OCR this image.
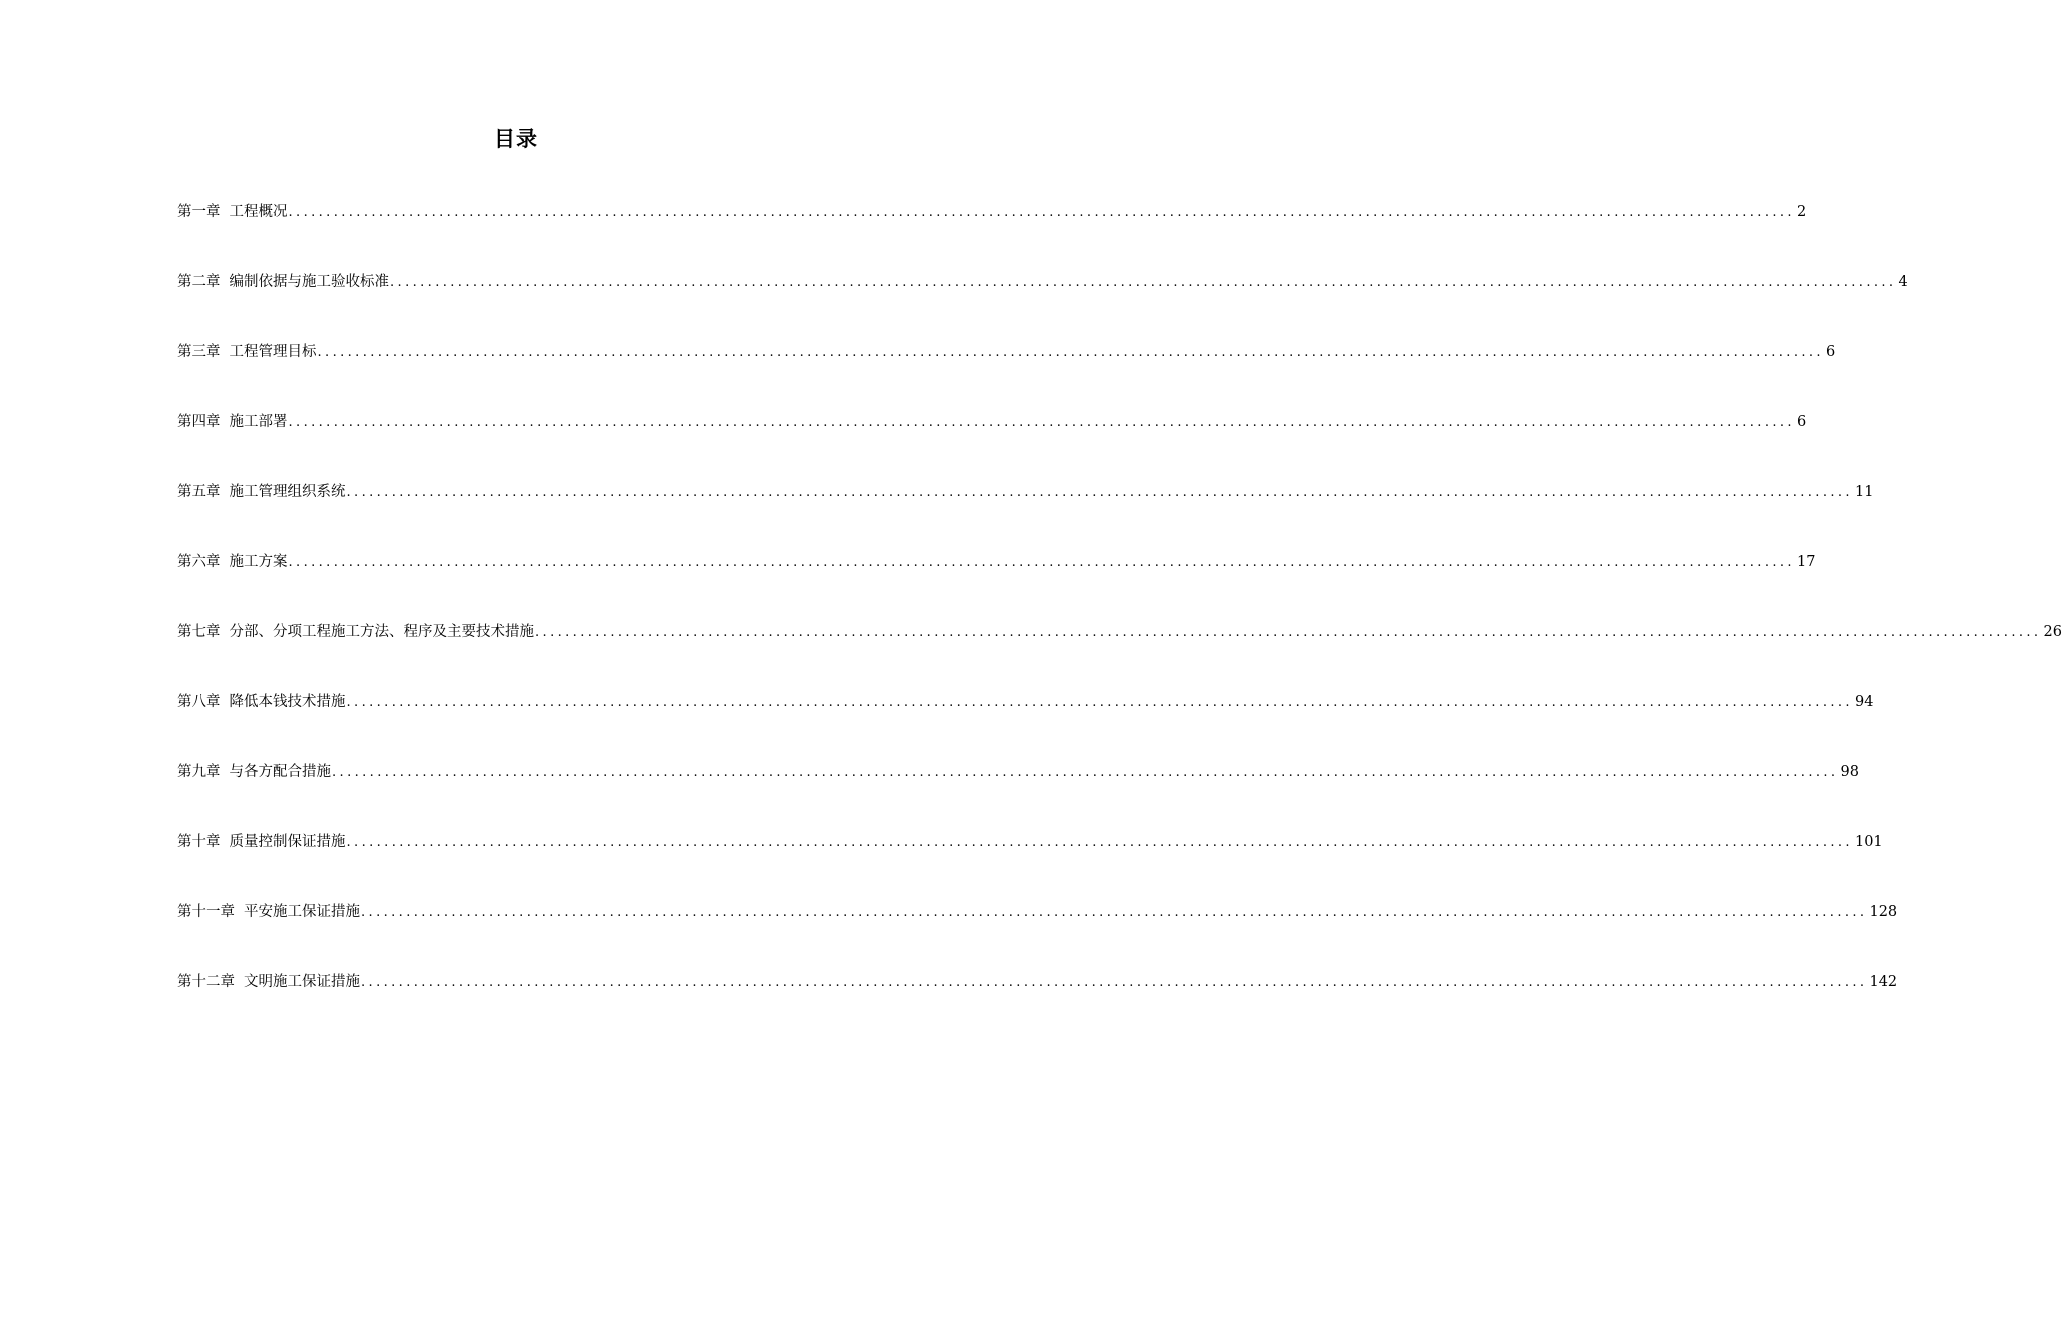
目录
第一章 工程概况 ........................................................................................................................................................................................................ 2
第二章 编制依据与施工验收标准 ........................................................................................................................................................................................................ 4
第三章 工程管理目标 ........................................................................................................................................................................................................ 6
第四章 施工部署 ........................................................................................................................................................................................................ 6
第五章 施工管理组织系统 ........................................................................................................................................................................................................ 11
第六章 施工方案 ........................................................................................................................................................................................................ 17
第七章 分部、分项工程施工方法、程序及主要技术措施 ........................................................................................................................................................................................................ 26
第八章 降低本钱技术措施 ........................................................................................................................................................................................................ 94
第九章 与各方配合措施 ........................................................................................................................................................................................................ 98
第十章 质量控制保证措施 ........................................................................................................................................................................................................ 101
第十一章 平安施工保证措施 ........................................................................................................................................................................................................ 128
第十二章 文明施工保证措施 ........................................................................................................................................................................................................ 142
